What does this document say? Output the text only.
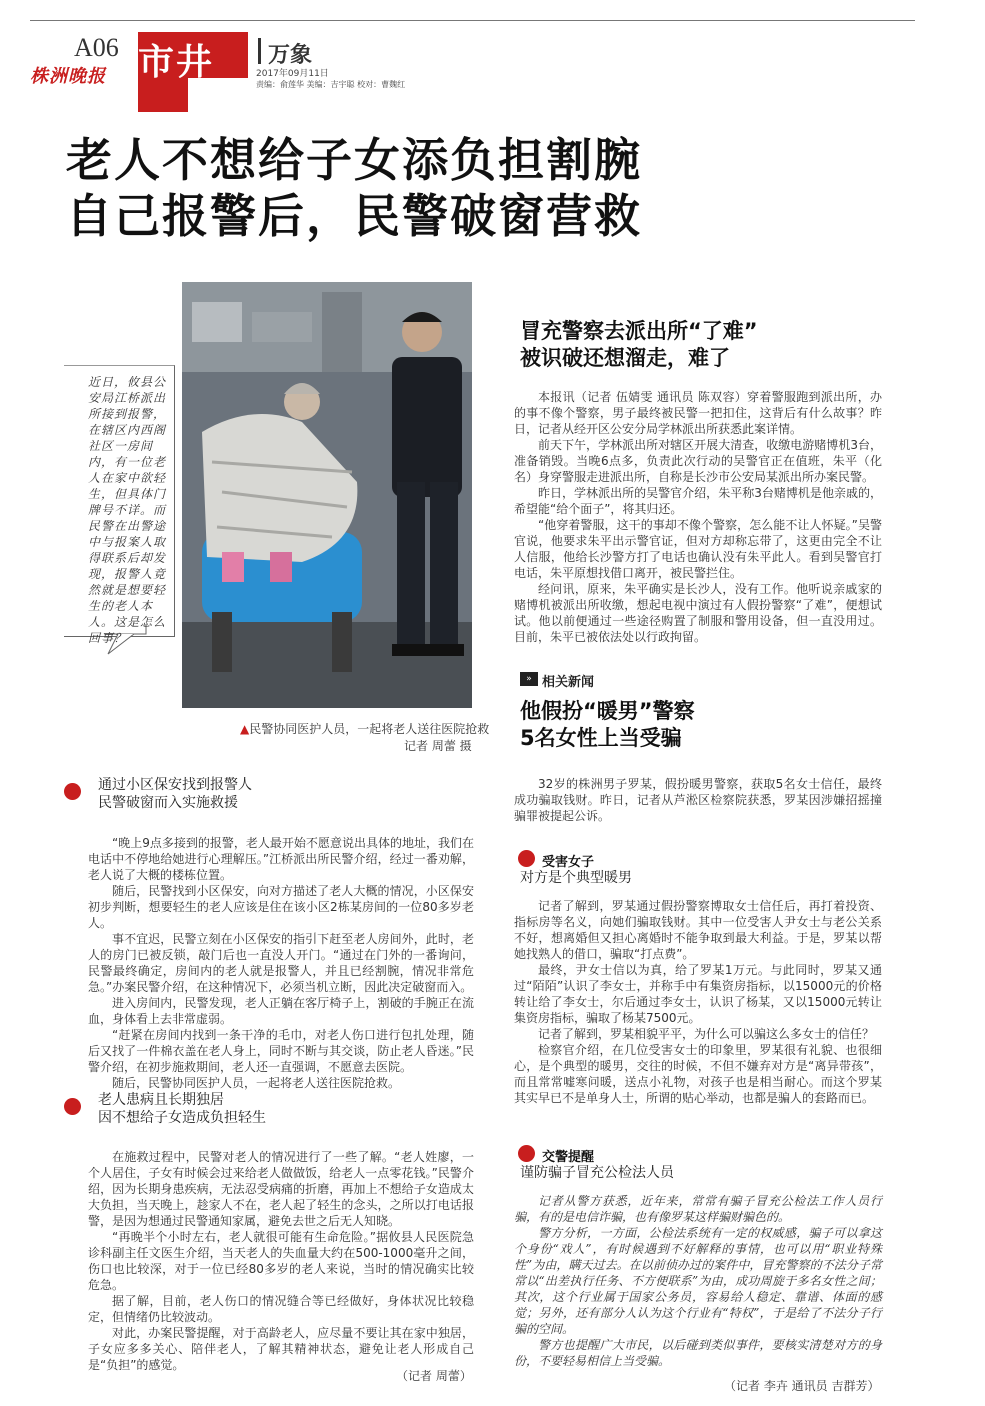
A06
株洲晚报 市井	万象
2017年09月11日
责编：俞莲华 美编：吉宇聪 校对：曹魏红
老人不想给子女添负担割腕
自己报警后，民警破窗营救
近日，攸县公安局江桥派出所接到报警，在辖区内西阁社区一房间内，有一位老人在家中欲轻生，但具体门牌号不详。而民警在出警途中与报案人取得联系后却发现，报警人竟然就是想要轻生的老人本人。这是怎么回事？
▲民警协同医护人员，一起将老人送往医院抢救
记者 周蕾 摄
通过小区保安找到报警人
民警破窗而入实施救援

“晚上9点多接到的报警，老人最开始不愿意说出具体的地址，我们在电话中不停地给她进行心理解压。”江桥派出所民警介绍，经过一番劝解，老人说了大概的楼栋位置。

随后，民警找到小区保安，向对方描述了老人大概的情况，小区保安初步判断，想要轻生的老人应该是住在该小区2栋某房间的一位80多岁老人。

事不宜迟，民警立刻在小区保安的指引下赶至老人房间外，此时，老人的房门已被反锁，敲门后也一直没人开门。“通过在门外的一番询问，民警最终确定，房间内的老人就是报警人，并且已经割腕，情况非常危急。”办案民警介绍，在这种情况下，必须当机立断，因此决定破窗而入。

进入房间内，民警发现，老人正躺在客厅椅子上，割破的手腕正在流血，身体看上去非常虚弱。

“赶紧在房间内找到一条干净的毛巾，对老人伤口进行包扎处理，随后又找了一件棉衣盖在老人身上，同时不断与其交谈，防止老人昏迷。”民警介绍，在初步施救期间，老人还一直强调，不愿意去医院。

随后，民警协同医护人员，一起将老人送往医院抢救。

老人患病且长期独居
因不想给子女造成负担轻生

在施救过程中，民警对老人的情况进行了一些了解。“老人姓廖，一个人居住，子女有时候会过来给老人做做饭，给老人一点零花钱。”民警介绍，因为长期身患疾病，无法忍受病痛的折磨，再加上不想给子女造成太大负担，当天晚上，趁家人不在，老人起了轻生的念头，之所以打电话报警，是因为想通过民警通知家属，避免去世之后无人知晓。

“再晚半个小时左右，老人就很可能有生命危险。”据攸县人民医院急诊科副主任文医生介绍，当天老人的失血量大约在500-1000毫升之间，伤口也比较深，对于一位已经80多岁的老人来说，当时的情况确实比较危急。

据了解，目前，老人伤口的情况缝合等已经做好，身体状况比较稳定，但情绪仍比较波动。

对此，办案民警提醒，对于高龄老人，应尽量不要让其在家中独居，子女应多多关心、陪伴老人，了解其精神状态，避免让老人形成自己是“负担”的感觉。

（记者 周蕾）
冒充警察去派出所“了难”
被识破还想溜走，难了

本报讯（记者 伍婧雯 通讯员 陈双容）穿着警服跑到派出所，办的事不像个警察，男子最终被民警一把扣住，这背后有什么故事？昨日，记者从经开区公安分局学林派出所获悉此案详情。

前天下午，学林派出所对辖区开展大清查，收缴电游赌博机3台，准备销毁。当晚6点多，负责此次行动的吴警官正在值班，朱平（化名）身穿警服走进派出所，自称是长沙市公安局某派出所办案民警。

昨日，学林派出所的吴警官介绍，朱平称3台赌博机是他亲戚的，希望能“给个面子”，将其归还。

“他穿着警服，这干的事却不像个警察，怎么能不让人怀疑。”吴警官说，他要求朱平出示警官证，但对方却称忘带了，这更由完全不让人信服，他给长沙警方打了电话也确认没有朱平此人。看到吴警官打电话，朱平原想找借口离开，被民警拦住。

经问讯，原来，朱平确实是长沙人，没有工作。他听说亲戚家的赌博机被派出所收缴，想起电视中演过有人假扮警察“了难”，便想试试。他以前便通过一些途径购置了制服和警用设备，但一直没用过。目前，朱平已被依法处以行政拘留。

» 相关新闻
他假扮“暖男”警察
5名女性上当受骗

32岁的株洲男子罗某，假扮暖男警察，获取5名女士信任，最终成功骗取钱财。昨日，记者从芦淞区检察院获悉，罗某因涉嫌招摇撞骗罪被提起公诉。

受害女子
对方是个典型暖男

记者了解到，罗某通过假扮警察博取女士信任后，再打着投资、指标房等名义，向她们骗取钱财。其中一位受害人尹女士与老公关系不好，想离婚但又担心离婚时不能争取到最大利益。于是，罗某以帮她找熟人的借口，骗取“打点费”。

最终，尹女士信以为真，给了罗某1万元。与此同时，罗某又通过“陌陌”认识了李女士，并称手中有集资房指标，以15000元的价格转让给了李女士，尔后通过李女士，认识了杨某，又以15000元转让集资房指标，骗取了杨某7500元。

记者了解到，罗某相貌平平，为什么可以骗这么多女士的信任？

检察官介绍，在几位受害女士的印象里，罗某很有礼貌、也很细心，是个典型的暖男，交往的时候，不但不嫌弃对方是“离异带孩”，而且常常嘘寒问暖，送点小礼物，对孩子也是相当耐心。而这个罗某其实早已不是单身人士，所谓的贴心举动，也都是骗人的套路而已。

交警提醒
谨防骗子冒充公检法人员

记者从警方获悉，近年来，常常有骗子冒充公检法工作人员行骗，有的是电信诈骗，也有像罗某这样骗财骗色的。

警方分析，一方面，公检法系统有一定的权威感，骗子可以拿这个身份“戏人”，有时候遇到不好解释的事情，也可以用“职业特殊性”为由，瞒天过去。在以前侦办过的案件中，冒充警察的不法分子常常以“出差执行任务、不方便联系”为由，成功周旋于多名女性之间；其次，这个行业属于国家公务员，容易给人稳定、靠谱、体面的感觉；另外，还有部分人认为这个行业有“特权”，于是给了不法分子行骗的空间。

警方也提醒广大市民，以后碰到类似事件，要核实清楚对方的身份，不要轻易相信上当受骗。

（记者 李卉 通讯员 吉群芳）
